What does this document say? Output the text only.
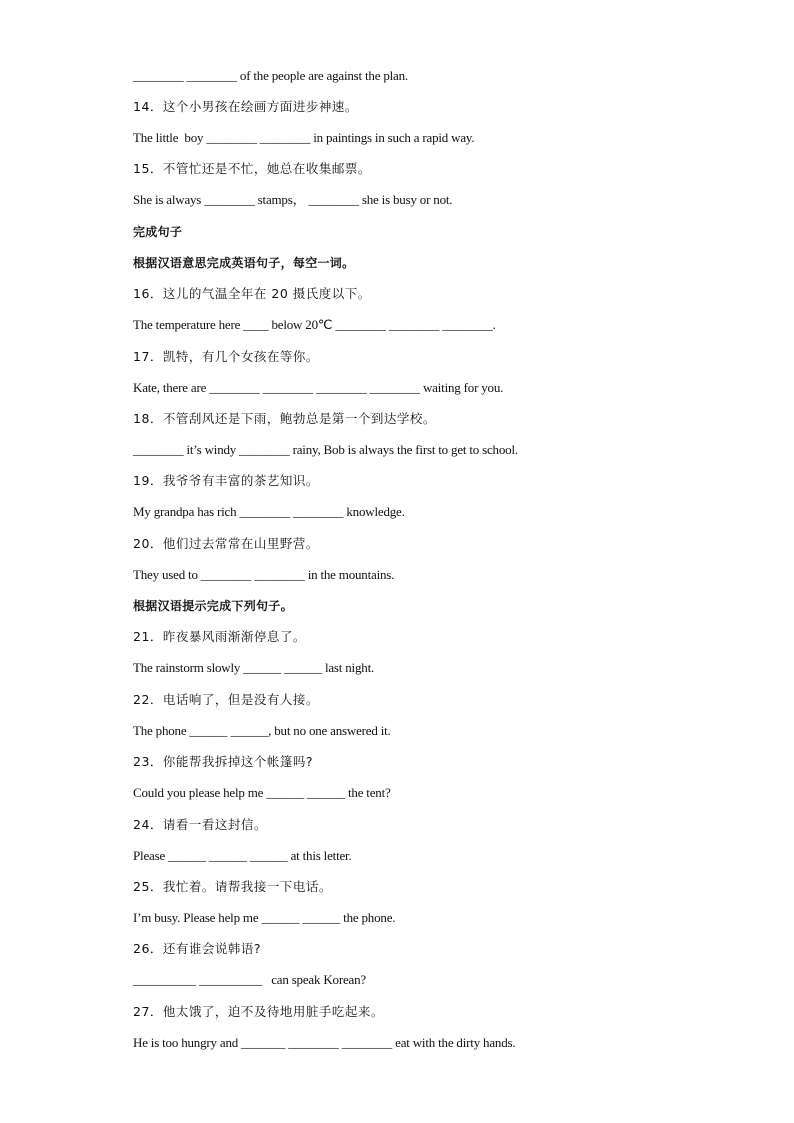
________ ________ of the people are against the plan.
14．这个小男孩在绘画方面进步神速。
The little  boy ________ ________ in paintings in such a rapid way.
15．不管忙还是不忙，她总在收集邮票。
She is always ________ stamps， ________ she is busy or not.
完成句子
根据汉语意思完成英语句子，每空一词。
16．这儿的气温全年在 20 摄氏度以下。
The temperature here ____ below 20℃ ________ ________ ________.
17．凯特，有几个女孩在等你。
Kate, there are ________ ________ ________ ________ waiting for you.
18．不管刮风还是下雨，鲍勃总是第一个到达学校。
________ it’s windy ________ rainy, Bob is always the first to get to school.
19．我爷爷有丰富的茶艺知识。
My grandpa has rich ________ ________ knowledge.
20．他们过去常常在山里野营。
They used to ________ ________ in the mountains.
根据汉语提示完成下列句子。
21．昨夜暴风雨渐渐停息了。
The rainstorm slowly ______ ______ last night.
22．电话响了，但是没有人接。
The phone ______ ______, but no one answered it.
23．你能帮我拆掉这个帐篷吗?
Could you please help me ______ ______ the tent?
24．请看一看这封信。
Please ______ ______ ______ at this letter.
25．我忙着。请帮我接一下电话。
I’m busy. Please help me ______ ______ the phone.
26．还有谁会说韩语?
__________ __________   can speak Korean?
27．他太饿了，迫不及待地用脏手吃起来。
He is too hungry and _______ ________ ________ eat with the dirty hands.
